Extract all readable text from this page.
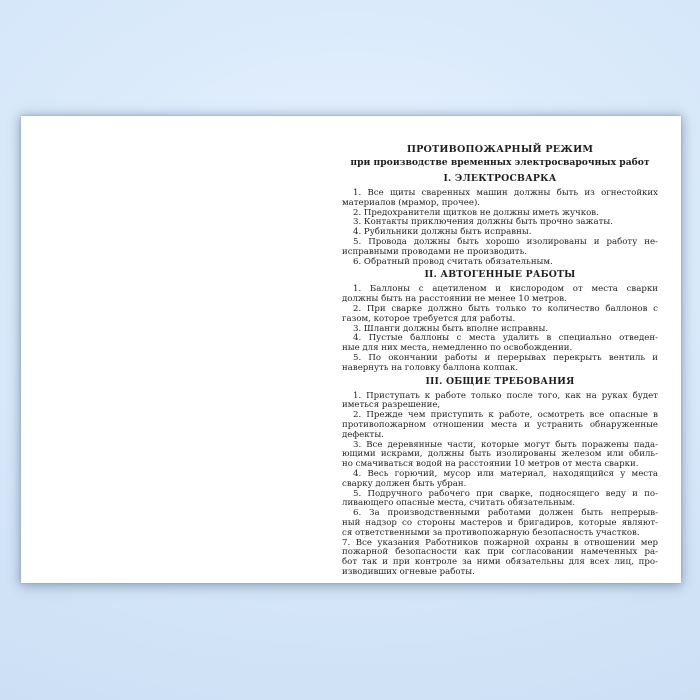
ПРОТИВОПОЖАРНЫЙ РЕЖИМ
при производстве временных электросварочных работ
I. ЭЛЕКТРОСВАРКА
1. Все щиты сваренных машин должны быть из огнестойких
материалов (мрамор, прочее).
2. Предохранители щитков не должны иметь жучков.
3. Контакты приключения должны быть прочно зажаты.
4. Рубильники должны быть исправны.
5. Провода должны быть хорошо изолированы и работу не-
исправными проводами не производить.
6. Обратный провод считать обязательным.
II. АВТОГЕННЫЕ РАБОТЫ
1. Баллоны с ацетиленом и кислородом от места сварки
должны быть на расстоянии не менее 10 метров.
2. При сварке должно быть только то количество баллонов с
газом, которое требуется для работы.
3. Шланги должны быть вполне исправны.
4. Пустые баллоны с места удалить в специально отведен-
ные для них места, немедленно по освобождении.
5. По окончании работы и перерывах перекрыть вентиль и
навернуть на головку баллона колпак.
III. ОБЩИЕ ТРЕБОВАНИЯ
1. Приступать к работе только после того, как на руках будет
иметься разрешение,
2. Прежде чем приступить к работе, осмотреть все опасные в
противопожарном отношении места и устранить обнаруженные
дефекты.
3. Все деревянные части, которые могут быть поражены пада-
ющими искрами, должны быть изолированы железом или обиль-
но смачиваться водой на расстоянии 10 метров от места сварки.
4. Весь горючий, мусор или материал, находящийся у места
сварку должен быть убран.
5. Подручного рабочего при сварке, подносящего веду и по-
ливающего опасные места, считать обязательным.
6. За производственными работами должен быть непрерыв-
ный надзор со стороны мастеров и бригадиров, которые являют-
ся ответственными за противопожарную безопасность участков.
7. Все указания Работников пожарной охраны в отношении мер
пожарной безопасности как при согласовании намеченных ра-
бот так и при контроле за ними обязательны для всех лиц, про-
изводивших огневые работы.
